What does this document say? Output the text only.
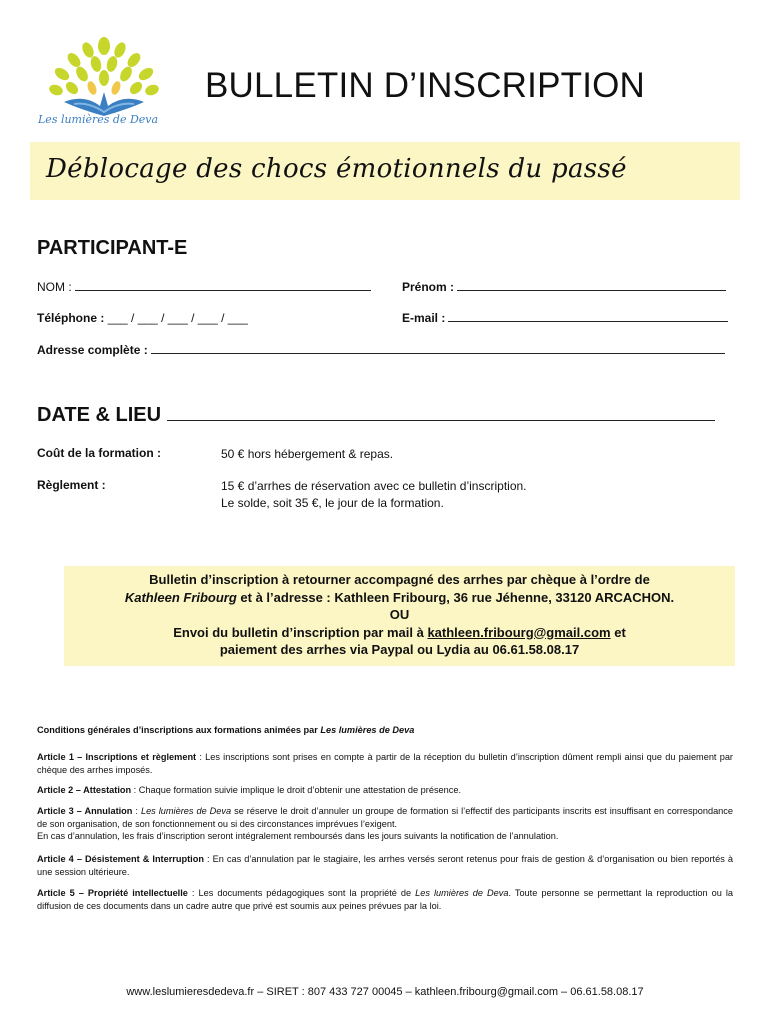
Les lumières de Deva
BULLETIN D’INSCRIPTION
Déblocage des chocs émotionnels du passé
PARTICIPANT-E
NOM :	Prénom :
Téléphone : ___ / ___ / ___ / ___ / ___	E-mail :
Adresse complète :
DATE & LIEU
Coût de la formation :	50 € hors hébergement & repas.
Règlement :	15 € d’arrhes de réservation avec ce bulletin d’inscription.
Le solde, soit 35 €, le jour de la formation.
Bulletin d’inscription à retourner accompagné des arrhes par chèque à l’ordre de
Kathleen Fribourg et à l’adresse : Kathleen Fribourg, 36 rue Jéhenne, 33120 ARCACHON.
OU
Envoi du bulletin d’inscription par mail à kathleen.fribourg@gmail.com et
paiement des arrhes via Paypal ou Lydia au 06.61.58.08.17
Conditions générales d’inscriptions aux formations animées par Les lumières de Deva
Article 1 – Inscriptions et règlement : Les inscriptions sont prises en compte à partir de la réception du bulletin d’inscription dûment rempli ainsi que du paiement par chèque des arrhes imposés.
Article 2 – Attestation : Chaque formation suivie implique le droit d’obtenir une attestation de présence.
Article 3 – Annulation : Les lumières de Deva se réserve le droit d’annuler un groupe de formation si l’effectif des participants inscrits est insuffisant en correspondance de son organisation, de son fonctionnement ou si des circonstances imprévues l’exigent.
En cas d’annulation, les frais d’inscription seront intégralement remboursés dans les jours suivants la notification de l’annulation.
Article 4 – Désistement & Interruption : En cas d’annulation par le stagiaire, les arrhes versés seront retenus pour frais de gestion & d’organisation ou bien reportés à une session ultérieure.
Article 5 – Propriété intellectuelle : Les documents pédagogiques sont la propriété de Les lumières de Deva. Toute personne se permettant la reproduction ou la diffusion de ces documents dans un cadre autre que privé est soumis aux peines prévues par la loi.
www.leslumieresdedeva.fr – SIRET : 807 433 727 00045 – kathleen.fribourg@gmail.com – 06.61.58.08.17
